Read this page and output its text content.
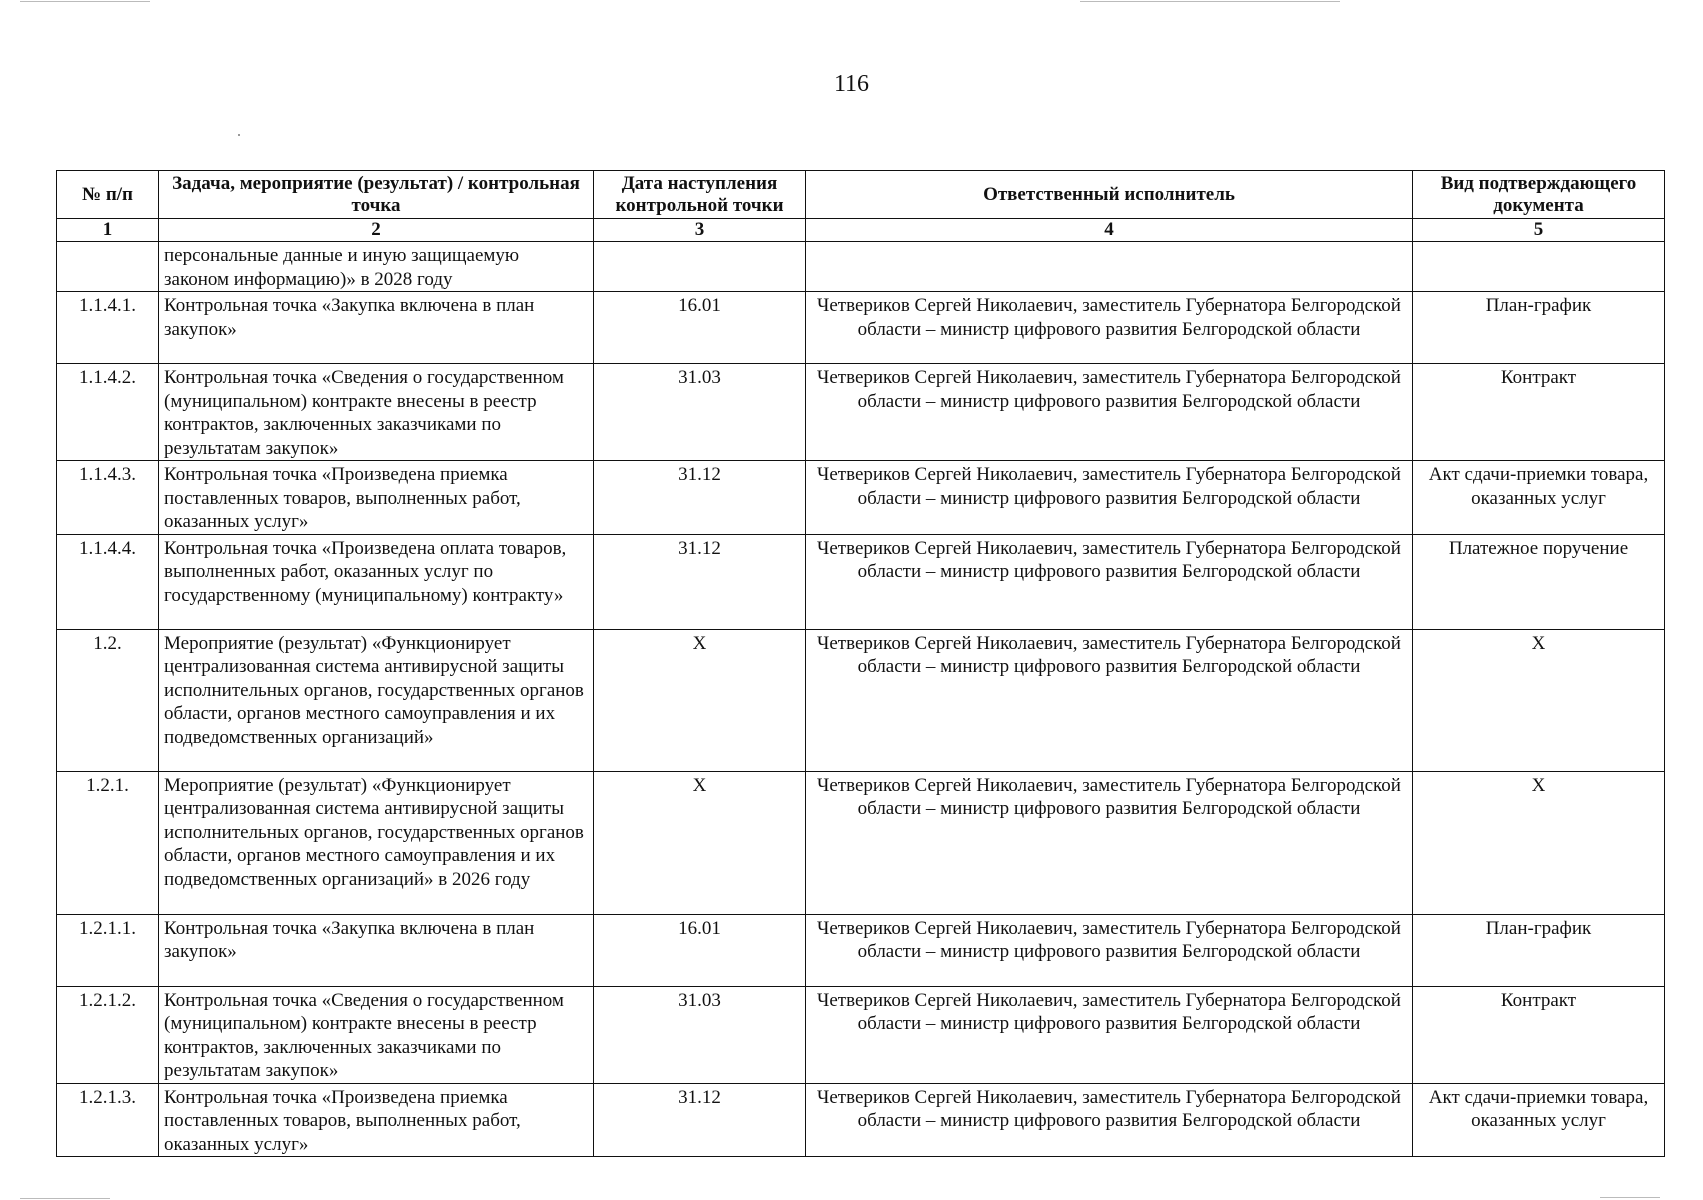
116
№ п/п	Задача, мероприятие (результат) / контрольная точка	Дата наступления контрольной точки	Ответственный исполнитель	Вид подтверждающего документа
1	2	3	4	5
	персональные данные и иную защищаемую законом информацию)» в 2028 году			
1.1.4.1.	Контрольная точка «Закупка включена в план закупок»	16.01	Четвериков Сергей Николаевич, заместитель Губернатора Белгородской области – министр цифрового развития Белгородской области	План-график
1.1.4.2.	Контрольная точка «Сведения о государственном (муниципальном) контракте внесены в реестр контрактов, заключенных заказчиками по результатам закупок»	31.03	Четвериков Сергей Николаевич, заместитель Губернатора Белгородской области – министр цифрового развития Белгородской области	Контракт
1.1.4.3.	Контрольная точка «Произведена приемка поставленных товаров, выполненных работ, оказанных услуг»	31.12	Четвериков Сергей Николаевич, заместитель Губернатора Белгородской области – министр цифрового развития Белгородской области	Акт сдачи-приемки товара, оказанных услуг
1.1.4.4.	Контрольная точка «Произведена оплата товаров, выполненных работ, оказанных услуг по государственному (муниципальному) контракту»	31.12	Четвериков Сергей Николаевич, заместитель Губернатора Белгородской области – министр цифрового развития Белгородской области	Платежное поручение
1.2.	Мероприятие (результат) «Функционирует централизованная система антивирусной защиты исполнительных органов, государственных органов области, органов местного самоуправления и их подведомственных организаций»	Х	Четвериков Сергей Николаевич, заместитель Губернатора Белгородской области – министр цифрового развития Белгородской области	Х
1.2.1.	Мероприятие (результат) «Функционирует централизованная система антивирусной защиты исполнительных органов, государственных органов области, органов местного самоуправления и их подведомственных организаций» в 2026 году	Х	Четвериков Сергей Николаевич, заместитель Губернатора Белгородской области – министр цифрового развития Белгородской области	Х
1.2.1.1.	Контрольная точка «Закупка включена в план закупок»	16.01	Четвериков Сергей Николаевич, заместитель Губернатора Белгородской области – министр цифрового развития Белгородской области	План-график
1.2.1.2.	Контрольная точка «Сведения о государственном (муниципальном) контракте внесены в реестр контрактов, заключенных заказчиками по результатам закупок»	31.03	Четвериков Сергей Николаевич, заместитель Губернатора Белгородской области – министр цифрового развития Белгородской области	Контракт
1.2.1.3.	Контрольная точка «Произведена приемка поставленных товаров, выполненных работ, оказанных услуг»	31.12	Четвериков Сергей Николаевич, заместитель Губернатора Белгородской области – министр цифрового развития Белгородской области	Акт сдачи-приемки товара, оказанных услуг
